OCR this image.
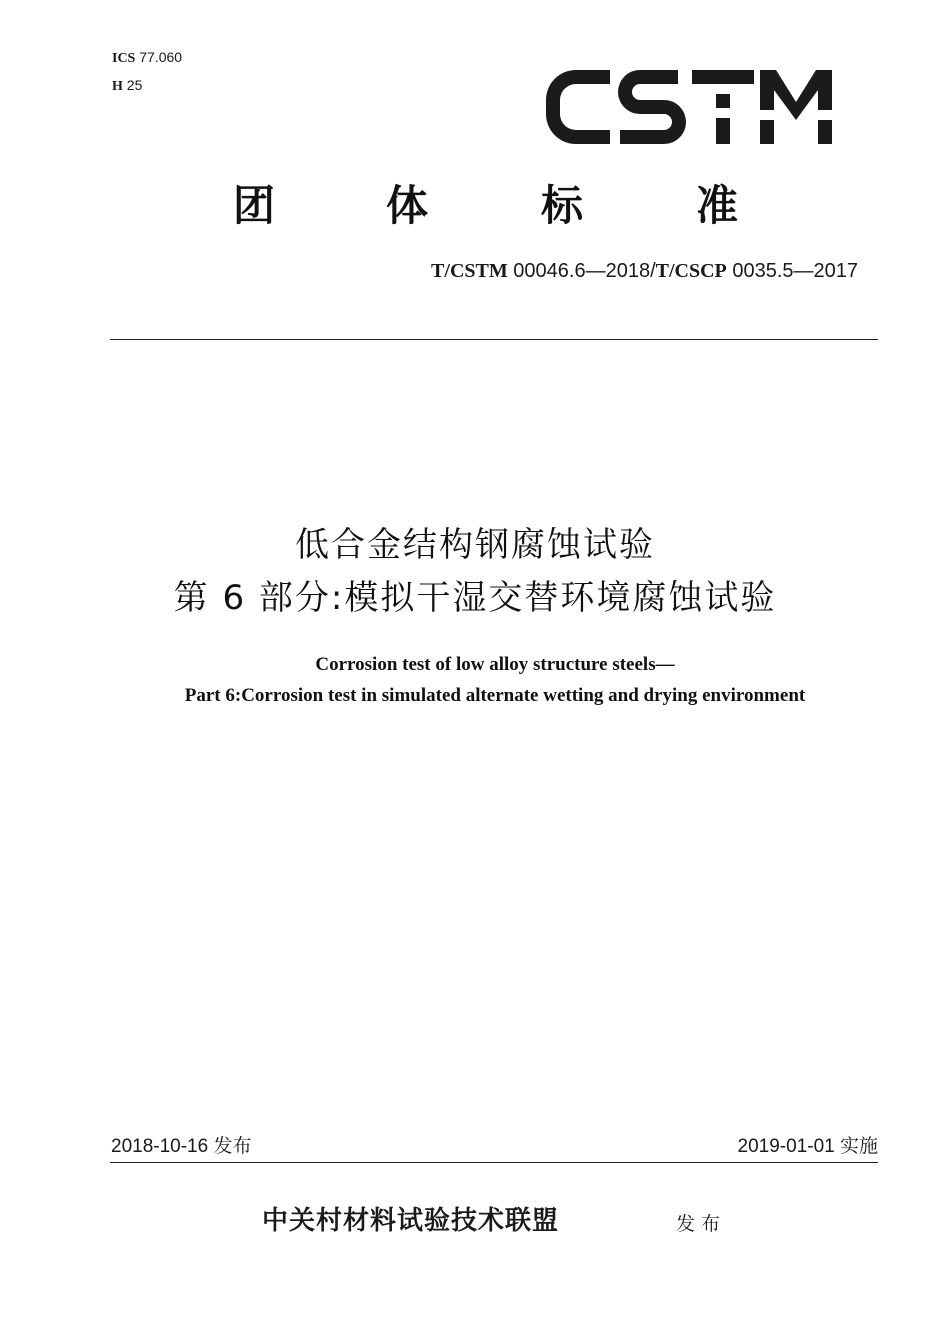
ICS 77.060
H 25
团	体	标	准
T/CSTM 00046.6—2018/T/CSCP 0035.5—2017
低合金结构钢腐蚀试验
第 6 部分:模拟干湿交替环境腐蚀试验
Corrosion test of low alloy structure steels—
Part 6:Corrosion test in simulated alternate wetting and drying environment
2018-10-16 发布	2019-01-01 实施
中关村材料试验技术联盟	发布
